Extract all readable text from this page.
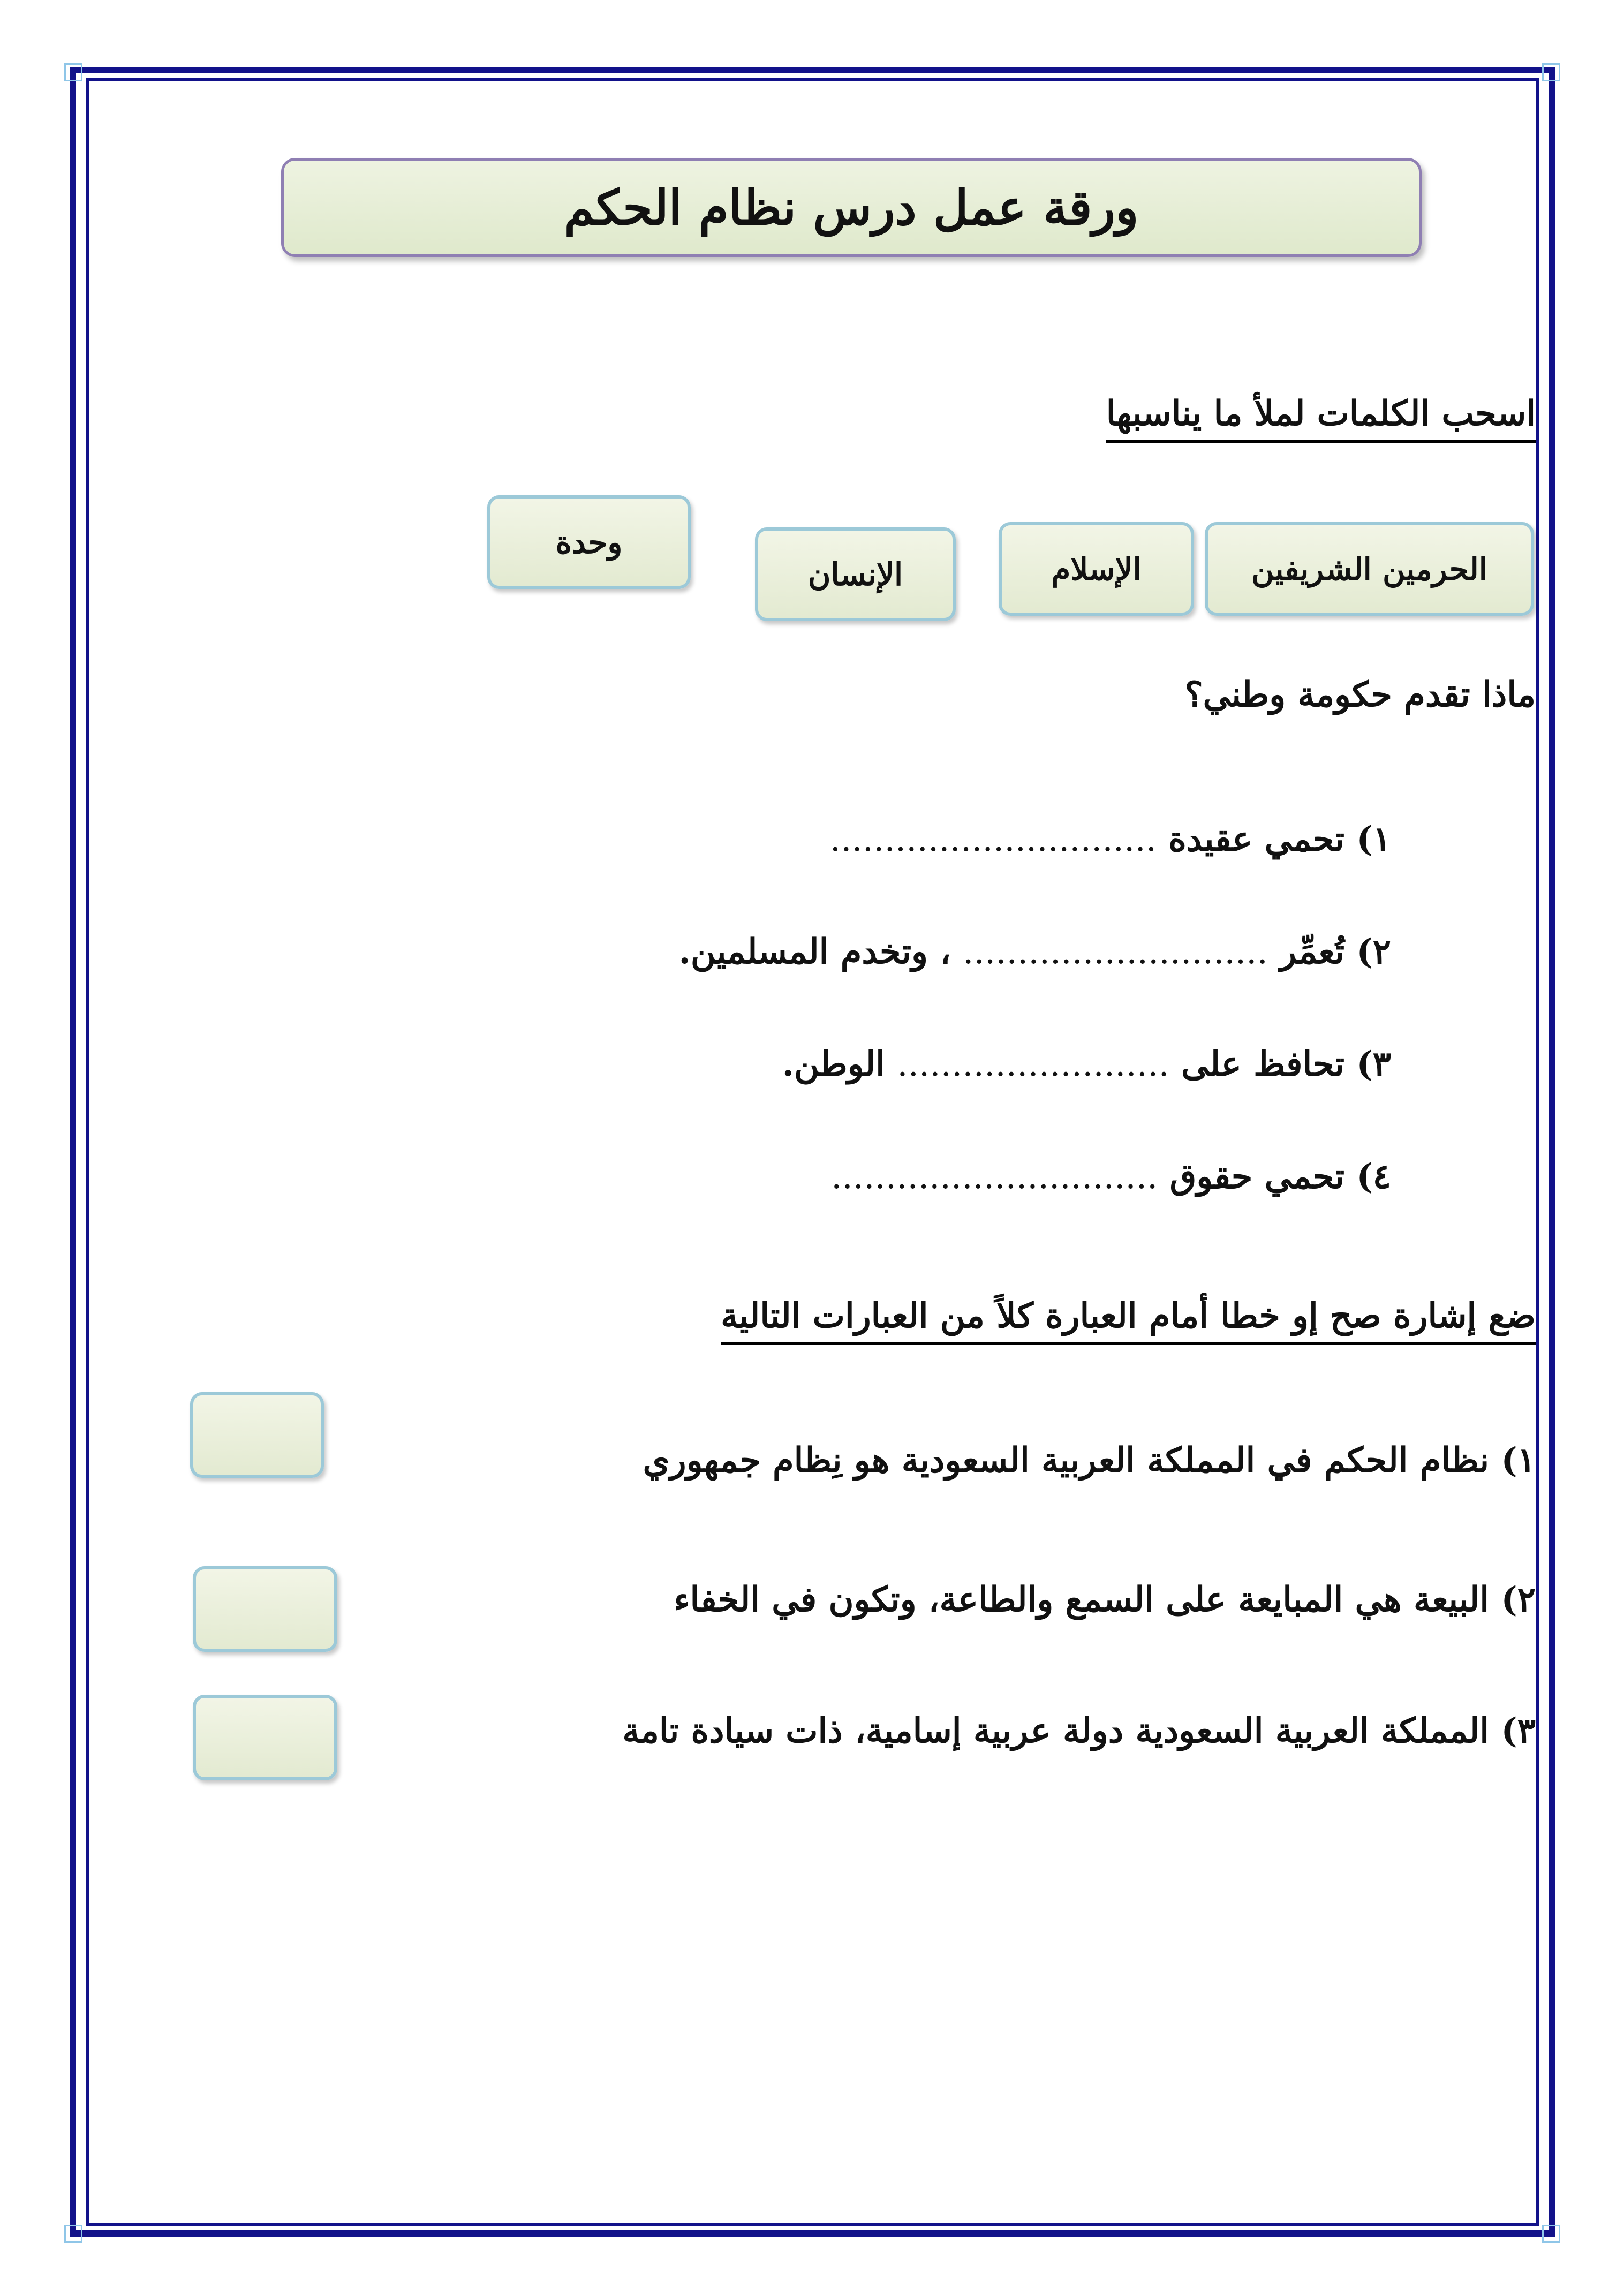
ورقة عمل درس نظام الحكم
اسحب الكلمات لملأ ما يناسبها
الحرمين الشريفين
الإسلام
الإنسان
وحدة
ماذا تقدم حكومة وطني؟
١) تحمي عقيدة ..............................
٢) تُعمِّر ............................ ، وتخدم المسلمين.
٣) تحافظ على ......................... الوطن.
٤) تحمي حقوق ..............................
ضع إشارة صح إو خطا أمام العبارة كلاً من العبارات التالية
١) نظام الحكم في المملكة العربية السعودية هو نِظام جمهوري
٢) البيعة هي المبايعة على السمع والطاعة، وتكون في الخفاء
٣) المملكة العربية السعودية دولة عربية إسامية، ذات سيادة تامة
